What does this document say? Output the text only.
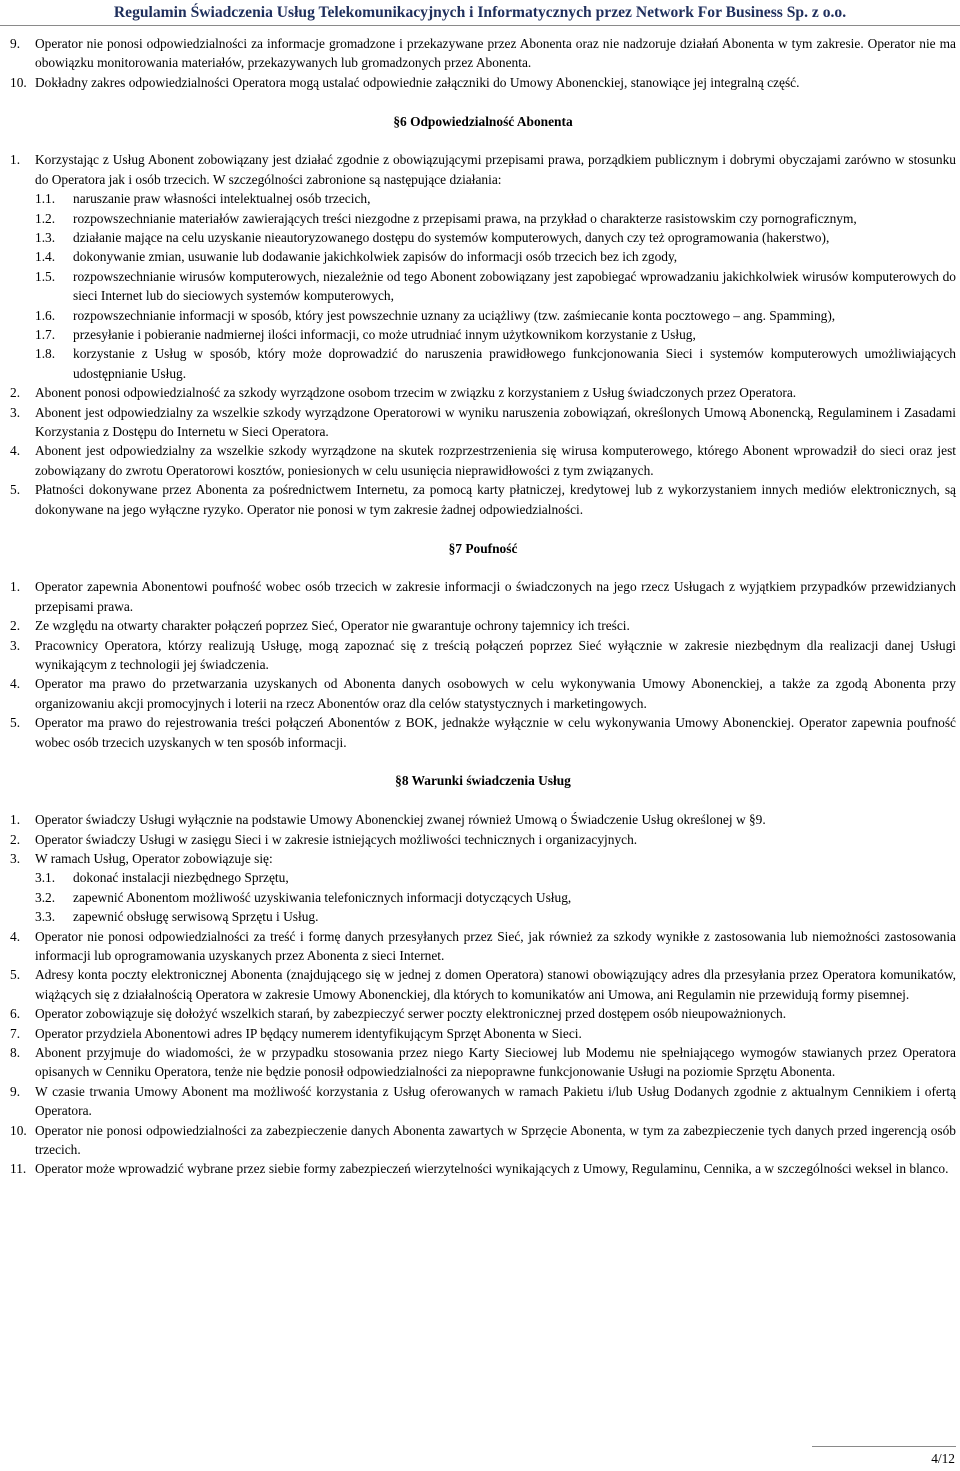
Regulamin Świadczenia Usług Telekomunikacyjnych i Informatycznych przez Network For Business Sp. z o.o.
9. Operator nie ponosi odpowiedzialności za informacje gromadzone i przekazywane przez Abonenta oraz nie nadzoruje działań Abonenta w tym zakresie. Operator nie ma obowiązku monitorowania materiałów, przekazywanych lub gromadzonych przez Abonenta.
10. Dokładny zakres odpowiedzialności Operatora mogą ustalać odpowiednie załączniki do Umowy Abonenckiej, stanowiące jej integralną część.
§6 Odpowiedzialność Abonenta
1. Korzystając z Usług Abonent zobowiązany jest działać zgodnie z obowiązującymi przepisami prawa, porządkiem publicznym i dobrymi obyczajami zarówno w stosunku do Operatora jak i osób trzecich. W szczególności zabronione są następujące działania:
1.1. naruszanie praw własności intelektualnej osób trzecich,
1.2. rozpowszechnianie materiałów zawierających treści niezgodne z przepisami prawa, na przykład o charakterze rasistowskim czy pornograficznym,
1.3. działanie mające na celu uzyskanie nieautoryzowanego dostępu do systemów komputerowych, danych czy też oprogramowania (hakerstwo),
1.4. dokonywanie zmian, usuwanie lub dodawanie jakichkolwiek zapisów do informacji osób trzecich bez ich zgody,
1.5. rozpowszechnianie wirusów komputerowych, niezależnie od tego Abonent zobowiązany jest zapobiegać wprowadzaniu jakichkolwiek wirusów komputerowych do sieci Internet lub do sieciowych systemów komputerowych,
1.6. rozpowszechnianie informacji w sposób, który jest powszechnie uznany za uciążliwy (tzw. zaśmiecanie konta pocztowego – ang. Spamming),
1.7. przesyłanie i pobieranie nadmiernej ilości informacji, co może utrudniać innym użytkownikom korzystanie z Usług,
1.8. korzystanie z Usług w sposób, który może doprowadzić do naruszenia prawidłowego funkcjonowania Sieci i systemów komputerowych umożliwiających udostępnianie Usług.
2. Abonent ponosi odpowiedzialność za szkody wyrządzone osobom trzecim w związku z korzystaniem z Usług świadczonych przez Operatora.
3. Abonent jest odpowiedzialny za wszelkie szkody wyrządzone Operatorowi w wyniku naruszenia zobowiązań, określonych Umową Abonencką, Regulaminem i Zasadami Korzystania z Dostępu do Internetu w Sieci Operatora.
4. Abonent jest odpowiedzialny za wszelkie szkody wyrządzone na skutek rozprzestrzenienia się wirusa komputerowego, którego Abonent wprowadził do sieci oraz jest zobowiązany do zwrotu Operatorowi kosztów, poniesionych w celu usunięcia nieprawidłowości z tym związanych.
5. Płatności dokonywane przez Abonenta za pośrednictwem Internetu, za pomocą karty płatniczej, kredytowej lub z wykorzystaniem innych mediów elektronicznych, są dokonywane na jego wyłączne ryzyko. Operator nie ponosi w tym zakresie żadnej odpowiedzialności.
§7 Poufność
1. Operator zapewnia Abonentowi poufność wobec osób trzecich w zakresie informacji o świadczonych na jego rzecz Usługach z wyjątkiem przypadków przewidzianych przepisami prawa.
2. Ze względu na otwarty charakter połączeń poprzez Sieć, Operator nie gwarantuje ochrony tajemnicy ich treści.
3. Pracownicy Operatora, którzy realizują Usługę, mogą zapoznać się z treścią połączeń poprzez Sieć wyłącznie w zakresie niezbędnym dla realizacji danej Usługi wynikającym z technologii jej świadczenia.
4. Operator ma prawo do przetwarzania uzyskanych od Abonenta danych osobowych w celu wykonywania Umowy Abonenckiej, a także za zgodą Abonenta przy organizowaniu akcji promocyjnych i loterii na rzecz Abonentów oraz dla celów statystycznych i marketingowych.
5. Operator ma prawo do rejestrowania treści połączeń Abonentów z BOK, jednakże wyłącznie w celu wykonywania Umowy Abonenckiej. Operator zapewnia poufność wobec osób trzecich uzyskanych w ten sposób informacji.
§8 Warunki świadczenia Usług
1. Operator świadczy Usługi wyłącznie na podstawie Umowy Abonenckiej zwanej również Umową o Świadczenie Usług określonej w §9.
2. Operator świadczy Usługi w zasięgu Sieci i w zakresie istniejących możliwości technicznych i organizacyjnych.
3. W ramach Usług, Operator zobowiązuje się:
3.1. dokonać instalacji niezbędnego Sprzętu,
3.2. zapewnić Abonentom możliwość uzyskiwania telefonicznych informacji dotyczących Usług,
3.3. zapewnić obsługę serwisową Sprzętu i Usług.
4. Operator nie ponosi odpowiedzialności za treść i formę danych przesyłanych przez Sieć, jak również za szkody wynikłe z zastosowania lub niemożności zastosowania informacji lub oprogramowania uzyskanych przez Abonenta z sieci Internet.
5. Adresy konta poczty elektronicznej Abonenta (znajdującego się w jednej z domen Operatora) stanowi obowiązujący adres dla przesyłania przez Operatora komunikatów, wiążących się z działalnością Operatora w zakresie Umowy Abonenckiej, dla których to komunikatów ani Umowa, ani Regulamin nie przewidują formy pisemnej.
6. Operator zobowiązuje się dołożyć wszelkich starań, by zabezpieczyć serwer poczty elektronicznej przed dostępem osób nieupoważnionych.
7. Operator przydziela Abonentowi adres IP będący numerem identyfikującym Sprzęt Abonenta w Sieci.
8. Abonent przyjmuje do wiadomości, że w przypadku stosowania przez niego Karty Sieciowej lub Modemu nie spełniającego wymogów stawianych przez Operatora opisanych w Cenniku Operatora, tenże nie będzie ponosił odpowiedzialności za niepoprawne funkcjonowanie Usługi na poziomie Sprzętu Abonenta.
9. W czasie trwania Umowy Abonent ma możliwość korzystania z Usług oferowanych w ramach Pakietu i/lub Usług Dodanych zgodnie z aktualnym Cennikiem i ofertą Operatora.
10. Operator nie ponosi odpowiedzialności za zabezpieczenie danych Abonenta zawartych w Sprzęcie Abonenta, w tym za zabezpieczenie tych danych przed ingerencją osób trzecich.
11. Operator może wprowadzić wybrane przez siebie formy zabezpieczeń wierzytelności wynikających z Umowy, Regulaminu, Cennika, a w szczególności weksel in blanco.
4/12
